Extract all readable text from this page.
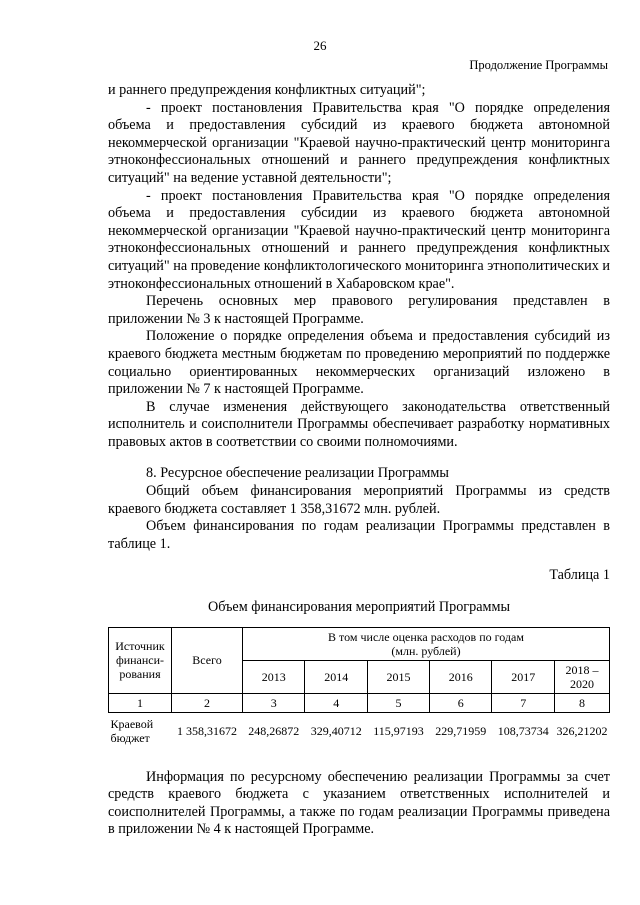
26
Продолжение Программы

и раннего предупреждения конфликтных ситуаций";

- проект постановления Правительства края "О порядке определения объема и предоставления субсидий из краевого бюджета автономной некоммерческой организации "Краевой научно-практический центр мониторинга этноконфессиональных отношений и раннего предупреждения конфликтных ситуаций" на ведение уставной деятельности";

- проект постановления Правительства края "О порядке определения объема и предоставления субсидии из краевого бюджета автономной некоммерческой организации "Краевой научно-практический центр мониторинга этноконфессиональных отношений и раннего предупреждения конфликтных ситуаций" на проведение конфликтологического мониторинга этнополитических и этноконфессиональных отношений в Хабаровском крае".

Перечень основных мер правового регулирования представлен в приложении № 3 к настоящей Программе.

Положение о порядке определения объема и предоставления субсидий из краевого бюджета местным бюджетам по проведению мероприятий по поддержке социально ориентированных некоммерческих организаций изложено в приложении № 7 к настоящей Программе.

В случае изменения действующего законодательства ответственный исполнитель и соисполнители Программы обеспечивает разработку нормативных правовых актов в соответствии со своими полномочиями.

8. Ресурсное обеспечение реализации Программы

Общий объем финансирования мероприятий Программы из средств краевого бюджета составляет 1 358,31672 млн. рублей.

Объем финансирования по годам реализации Программы представлен в таблице 1.

Таблица 1

Объем финансирования мероприятий Программы

Источник финанси-рования	Всего	В том числе оценка расходов по годам
(млн. рублей)					
		2013	2014	2015	2016	2017	2018 – 2020
1	2	3	4	5	6	7	8
Краевой бюджет	1 358,31672	248,26872	329,40712	115,97193	229,71959	108,73734	326,21202

Информация по ресурсному обеспечению реализации Программы за счет средств краевого бюджета с указанием ответственных исполнителей и соисполнителей Программы, а также по годам реализации Программы приведена в приложении № 4 к настоящей Программе.
